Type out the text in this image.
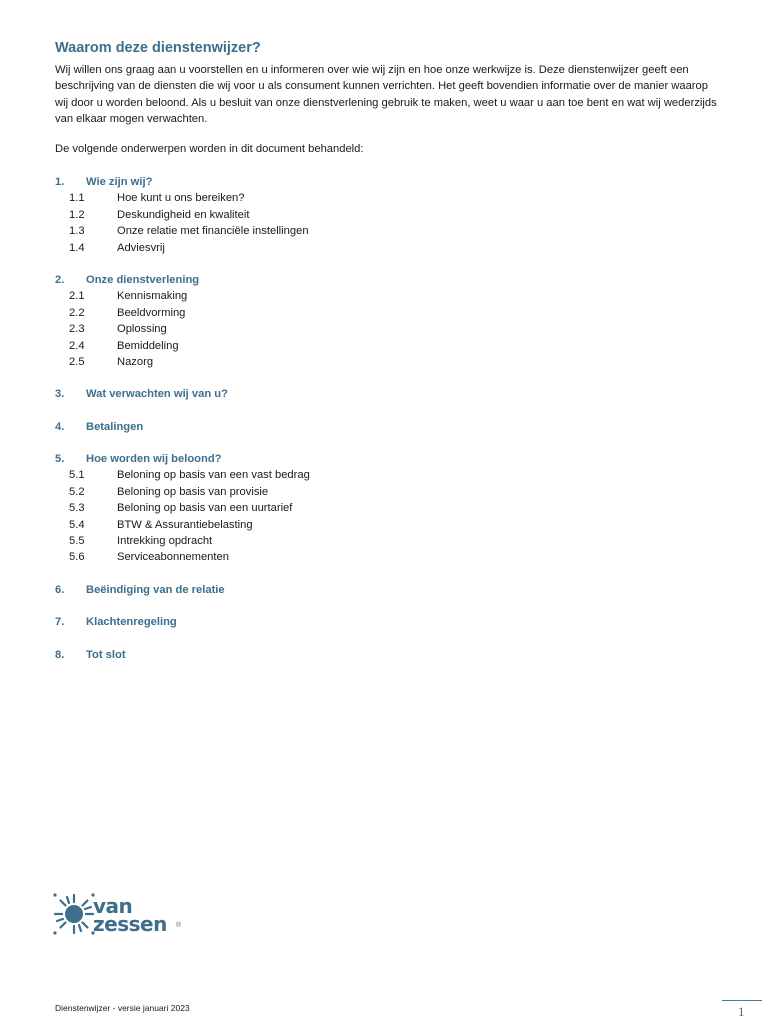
Waarom deze dienstenwijzer?
Wij willen ons graag aan u voorstellen en u informeren over wie wij zijn en hoe onze werkwijze is. Deze dienstenwijzer geeft een beschrijving van de diensten die wij voor u als consument kunnen verrichten. Het geeft bovendien informatie over de manier waarop wij door u worden beloond. Als u besluit van onze dienstverlening gebruik te maken, weet u waar u aan toe bent en wat wij wederzijds van elkaar mogen verwachten.
De volgende onderwerpen worden in dit document behandeld:
1. Wie zijn wij?
1.1	Hoe kunt u ons bereiken?
1.2	Deskundigheid en kwaliteit
1.3	Onze relatie met financiële instellingen
1.4	Adviesvrij
2. Onze dienstverlening
2.1	Kennismaking
2.2	Beeldvorming
2.3	Oplossing
2.4	Bemiddeling
2.5	Nazorg
3. Wat verwachten wij van u?
4. Betalingen
5. Hoe worden wij beloond?
5.1	Beloning op basis van een vast bedrag
5.2	Beloning op basis van provisie
5.3	Beloning op basis van een uurtarief
5.4	BTW & Assurantiebelasting
5.5	Intrekking opdracht
5.6	Serviceabonnementen
6. Beëindiging van de relatie
7. Klachtenregeling
8. Tot slot
van
zessen ®
Dienstenwijzer - versie januari 2023	1
